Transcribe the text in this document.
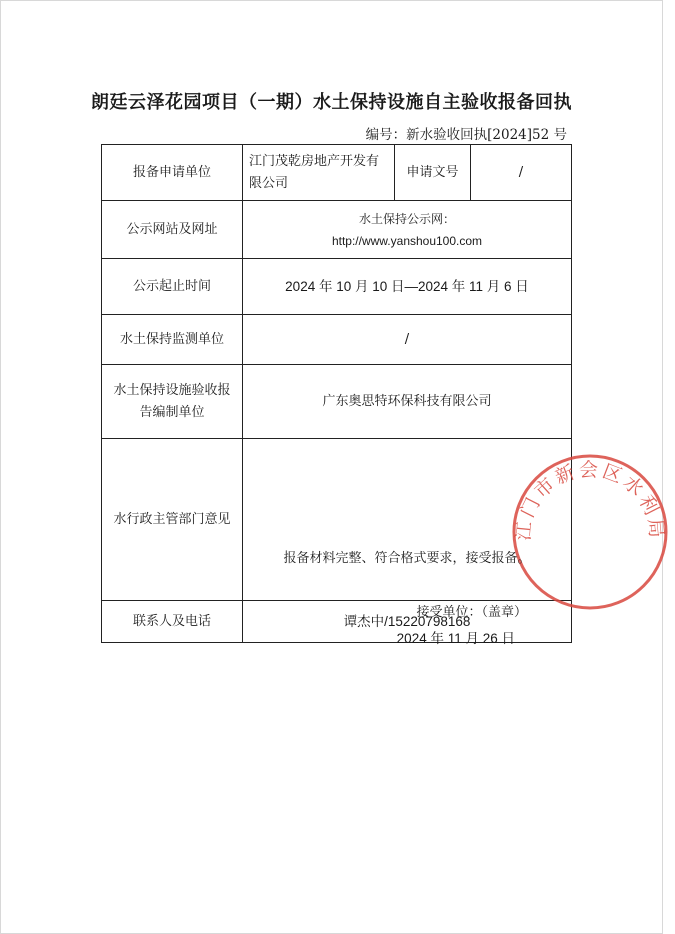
朗廷云泽花园项目（一期）水土保持设施自主验收报备回执
编号：新水验收回执[2024]52 号
报备申请单位	江门茂乾房地产开发有限公司	申请文号	/
公示网站及网址	水土保持公示网：
http://www.yanshou100.com		

公示起止时间	2024 年 10 月 10 日—2024 年 11 月 6 日		
水土保持监测单位	/		
水土保持设施验收报告编制单位	广东奥思特环保科技有限公司		
水行政主管部门意见	江门市新会区水利局
报备材料完整、符合格式要求，接受报备。
接受单位：（盖章）
2024 年 11 月 26 日		

联系人及电话	谭杰中/15220798168		
